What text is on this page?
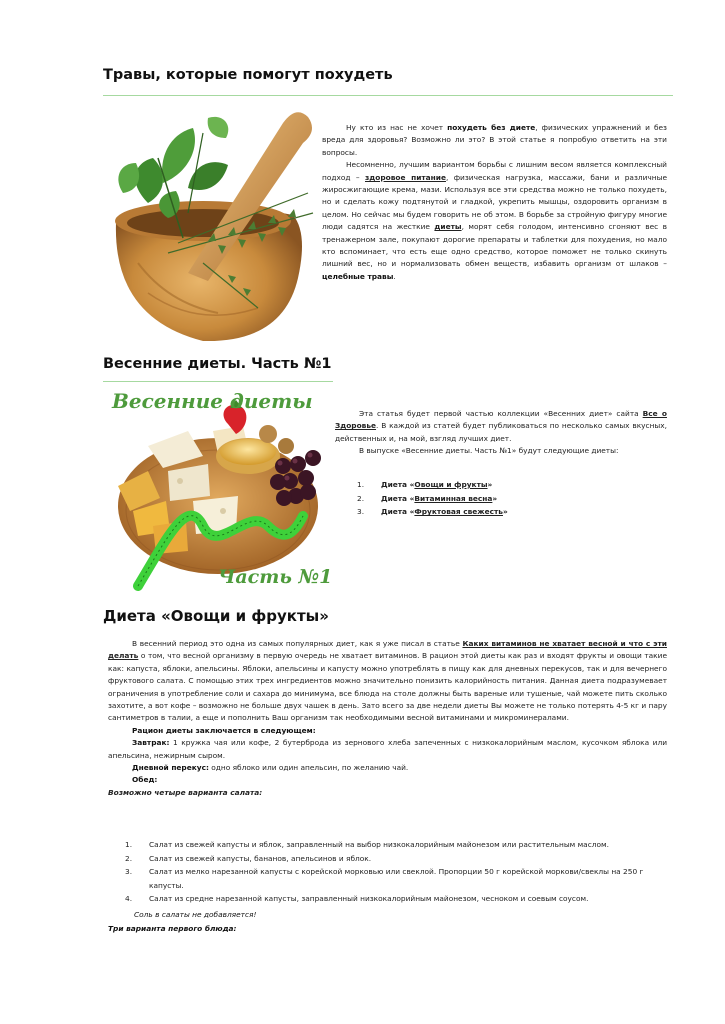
Травы, которые помогут похудеть

Ну кто из нас не хочет похудеть без диете, физических упражнений и без вреда для здоровья? Возможно ли это? В этой статье я попробую ответить на эти вопросы.

Несомненно, лучшим вариантом борьбы с лишним весом является комплексный подход – здоровое питание, физическая нагрузка, массажи, бани и различные жиросжигающие крема, мази. Используя все эти средства можно не только похудеть, но и сделать кожу подтянутой и гладкой, укрепить мышцы, оздоровить организм в целом. Но сейчас мы будем говорить не об этом. В борьбе за стройную фигуру многие люди садятся на жесткие диеты, морят себя голодом, интенсивно сгоняют вес в тренажерном зале, покупают дорогие препараты и таблетки для похудения, но мало кто вспоминает, что есть еще одно средство, которое поможет не только скинуть лишний вес, но и нормализовать обмен веществ, избавить организм от шлаков – целебные травы.

Весенние диеты. Часть №1
Весенние диеты
Часть №1

Эта статья будет первой частью коллекции «Весенних диет» сайта Все о Здоровье. В каждой из статей будет публиковаться по несколько самых вкусных, действенных и, на мой, взгляд лучших диет.

В выпуске «Весенние диеты. Часть №1» будут следующие диеты:

1. Диета «Овощи и фрукты»
2. Диета «Витаминная весна»
3. Диета «Фруктовая свежесть»
Диета «Овощи и фрукты»

В весенний период это одна из самых популярных диет, как я уже писал в статье Каких витаминов не хватает весной и что с эти делать о том, что весной организму в первую очередь не хватает витаминов. В рацион этой диеты как раз и входят фрукты и овощи такие как: капуста, яблоки, апельсины. Яблоки, апельсины и капусту можно употреблять в пищу как для дневных перекусов, так и для вечернего фруктового салата. С помощью этих трех ингредиентов можно значительно понизить калорийность питания. Данная диета подразумевает ограничения в употребление соли и сахара до минимума, все блюда на столе должны быть вареные или тушеные, чай можете пить сколько захотите, а вот кофе – возможно не больше двух чашек в день. Зато всего за две недели диеты Вы можете не только потерять 4-5 кг и пару сантиметров в талии, а еще и пополнить Ваш организм так необходимыми весной витаминами и микроминералами.

Рацион диеты заключается в следующем:

Завтрак: 1 кружка чая или кофе, 2 бутерброда из зернового хлеба запеченных с низкокалорийным маслом, кусочком яблока или апельсина, нежирным сыром.

Дневной перекус: одно яблоко или один апельсин, по желанию чай.

Обед:

Возможно четыре варианта салата:
1. Салат из свежей капусты и яблок, заправленный на выбор низкокалорийным майонезом или растительным маслом.
2. Салат из свежей капусты, бананов, апельсинов и яблок.
3. Салат из мелко нарезанной капусты с корейской морковью или свеклой. Пропорции 50 г корейской моркови/свеклы на 250 г капусты.
4. Салат из средне нарезанной капусты, заправленный низкокалорийным майонезом, чесноком и соевым соусом.
Соль в салаты не добавляется!
Три варианта первого блюда:
